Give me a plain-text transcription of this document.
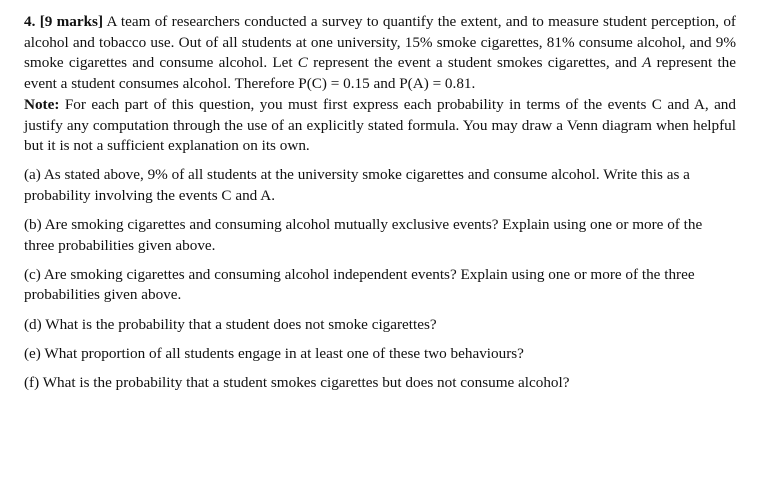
4. [9 marks] A team of researchers conducted a survey to quantify the extent, and to measure student perception, of alcohol and tobacco use. Out of all students at one university, 15% smoke cigarettes, 81% consume alcohol, and 9% smoke cigarettes and consume alcohol. Let C represent the event a student smokes cigarettes, and A represent the event a student consumes alcohol. Therefore P(C) = 0.15 and P(A) = 0.81.
Note: For each part of this question, you must first express each probability in terms of the events C and A, and justify any computation through the use of an explicitly stated formula. You may draw a Venn diagram when helpful but it is not a sufficient explanation on its own.

(a) As stated above, 9% of all students at the university smoke cigarettes and consume alcohol. Write this as a probability involving the events C and A.

(b) Are smoking cigarettes and consuming alcohol mutually exclusive events? Explain using one or more of the three probabilities given above.

(c) Are smoking cigarettes and consuming alcohol independent events? Explain using one or more of the three probabilities given above.

(d) What is the probability that a student does not smoke cigarettes?

(e) What proportion of all students engage in at least one of these two behaviours?

(f) What is the probability that a student smokes cigarettes but does not consume alcohol?
